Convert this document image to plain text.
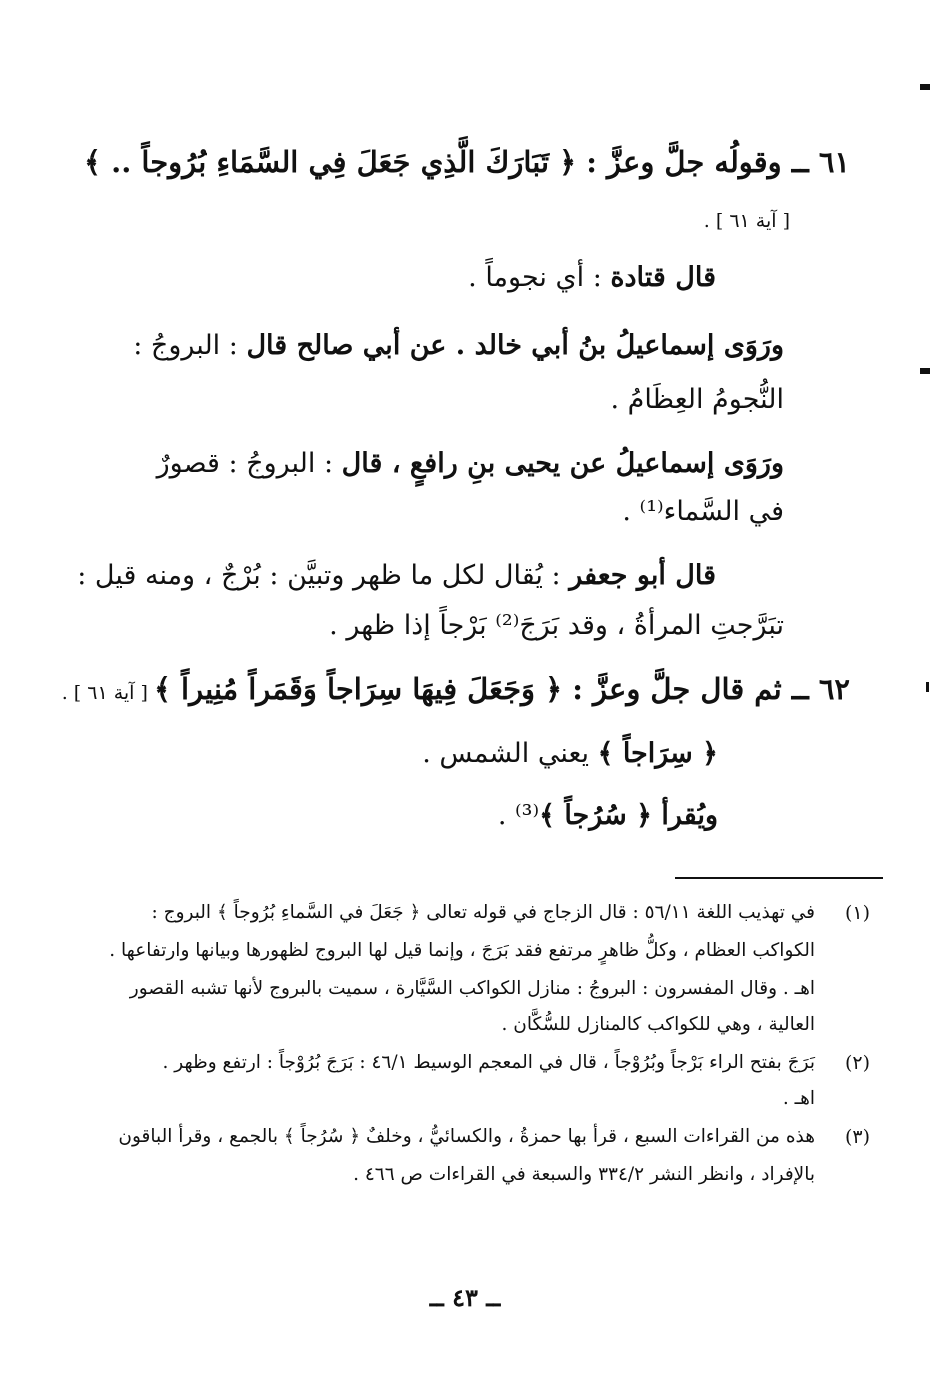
٦١ ــ وقولُه جلَّ وعزَّ : ﴿ تَبَارَكَ الَّذِي جَعَلَ فِي السَّمَاءِ بُرُوجاً .. ﴾
[ آية ٦١ ] .
قال قتادة : أي نجوماً .
ورَوَى إسماعيلُ بنُ أبي خالد . عن أبي صالح قال : البروجُ :
النُّجومُ العِظَامُ .
ورَوَى إسماعيلُ عن يحيى بنِ رافعٍ ، قال : البروجُ : قصورٌ
في السَّماء⁽¹⁾ .
قال أبو جعفر : يُقال لكل ما ظهر وتبيَّن : بُرْجٌ ، ومنه قيل :
تبَرَّجتِ المرأةُ ، وقد بَرَجَ⁽²⁾ بَرْجاً إذا ظهر .
٦٢ ــ ثم قال جلَّ وعزَّ : ﴿ وَجَعَلَ فِيهَا سِرَاجاً وَقَمَراً مُنِيراً ﴾ [ آية ٦١ ] .
﴿ سِرَاجاً ﴾ يعني الشمس .
ويُقرأ ﴿ سُرُجاً ﴾⁽³⁾ .
(١)
في تهذيب اللغة ٥٦/١١ : قال الزجاج في قوله تعالى ﴿ جَعَلَ في السَّماءِ بُرُوجاً ﴾ البروج :
الكواكب العظام ، وكلُّ ظاهرٍ مرتفع فقد بَرَجَ ، وإنما قيل لها البروج لظهورها وبيانها وارتفاعها .
اهـ . وقال المفسرون : البروجُ : منازل الكواكب السَّيَّارة ، سميت بالبروج لأنها تشبه القصور
العالية ، وهي للكواكب كالمنازل للسُّكَّان .
(٢)
بَرَجَ بفتح الراء بَرْجاً وبُرُوْجاً ، قال في المعجم الوسيط ٤٦/١ : بَرَجَ بُرُوْجاً : ارتفع وظهر .
اهـ .
(٣)
هذه من القراءات السبع ، قرأ بها حمزةُ ، والكسائيُّ ، وخلفٌ ﴿ سُرُجاً ﴾ بالجمع ، وقرأ الباقون
بالإفراد ، وانظر النشر ٣٣٤/٢ والسبعة في القراءات ص ٤٦٦ .
ــ ٤٣ ــ
